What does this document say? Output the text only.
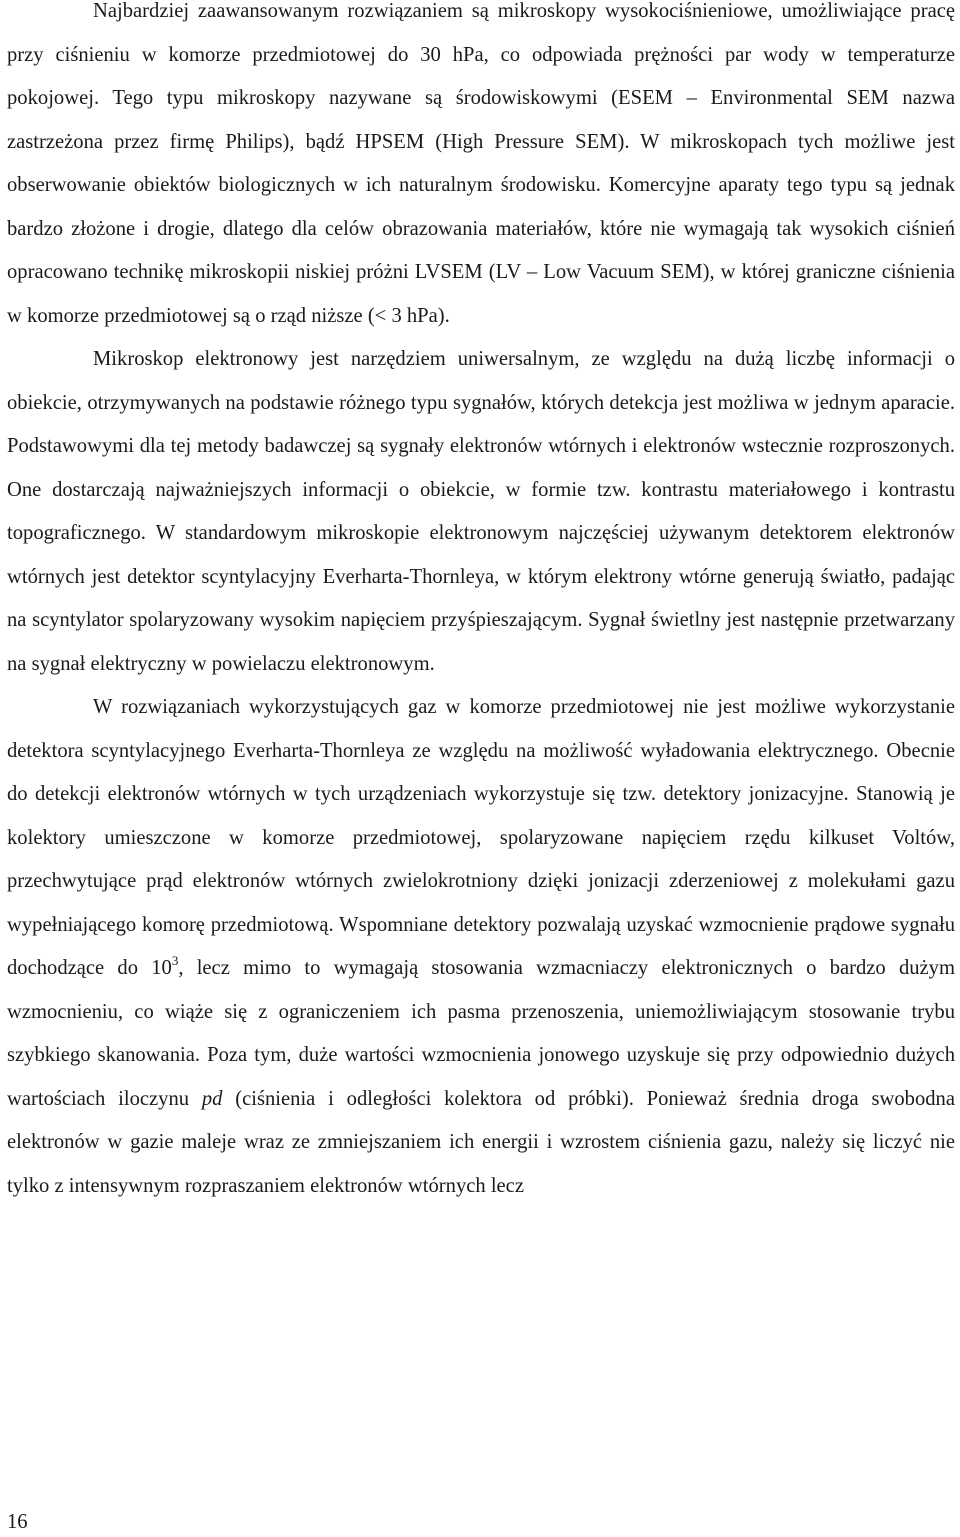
Najbardziej zaawansowanym rozwiązaniem są mikroskopy wysokociśnieniowe, umożliwiające pracę przy ciśnieniu w komorze przedmiotowej do 30 hPa, co odpowiada prężności par wody w temperaturze pokojowej. Tego typu mikroskopy nazywane są środowiskowymi (ESEM – Environmental SEM nazwa zastrzeżona przez firmę Philips), bądź HPSEM (High Pressure SEM). W mikroskopach tych możliwe jest obserwowanie obiektów biologicznych w ich naturalnym środowisku. Komercyjne aparaty tego typu są jednak bardzo złożone i drogie, dlatego dla celów obrazowania materiałów, które nie wymagają tak wysokich ciśnień opracowano technikę mikroskopii niskiej próżni LVSEM (LV – Low Vacuum SEM), w której graniczne ciśnienia w komorze przedmiotowej są o rząd niższe (< 3 hPa).

Mikroskop elektronowy jest narzędziem uniwersalnym, ze względu na dużą liczbę informacji o obiekcie, otrzymywanych na podstawie różnego typu sygnałów, których detekcja jest możliwa w jednym aparacie. Podstawowymi dla tej metody badawczej są sygnały elektronów wtórnych i elektronów wstecznie rozproszonych. One dostarczają najważniejszych informacji o obiekcie, w formie tzw. kontrastu materiałowego i kontrastu topograficznego. W standardowym mikroskopie elektronowym najczęściej używanym detektorem elektronów wtórnych jest detektor scyntylacyjny Everharta-Thornleya, w którym elektrony wtórne generują światło, padając na scyntylator spolaryzowany wysokim napięciem przyśpieszającym. Sygnał świetlny jest następnie przetwarzany na sygnał elektryczny w powielaczu elektronowym.

W rozwiązaniach wykorzystujących gaz w komorze przedmiotowej nie jest możliwe wykorzystanie detektora scyntylacyjnego Everharta-Thornleya ze względu na możliwość wyładowania elektrycznego. Obecnie do detekcji elektronów wtórnych w tych urządzeniach wykorzystuje się tzw. detektory jonizacyjne. Stanowią je kolektory umieszczone w komorze przedmiotowej, spolaryzowane napięciem rzędu kilkuset Voltów, przechwytujące prąd elektronów wtórnych zwielokrotniony dzięki jonizacji zderzeniowej z molekułami gazu wypełniającego komorę przedmiotową. Wspomniane detektory pozwalają uzyskać wzmocnienie prądowe sygnału dochodzące do $10^3$, lecz mimo to wymagają stosowania wzmacniaczy elektronicznych o bardzo dużym wzmocnieniu, co wiąże się z ograniczeniem ich pasma przenoszenia, uniemożliwiającym stosowanie trybu szybkiego skanowania. Poza tym, duże wartości wzmocnienia jonowego uzyskuje się przy odpowiednio dużych wartościach iloczynu pd (ciśnienia i odległości kolektora od próbki). Ponieważ średnia droga swobodna elektronów w gazie maleje wraz ze zmniejszaniem ich energii i wzrostem ciśnienia gazu, należy się liczyć nie tylko z intensywnym rozpraszaniem elektronów wtórnych lecz

16
